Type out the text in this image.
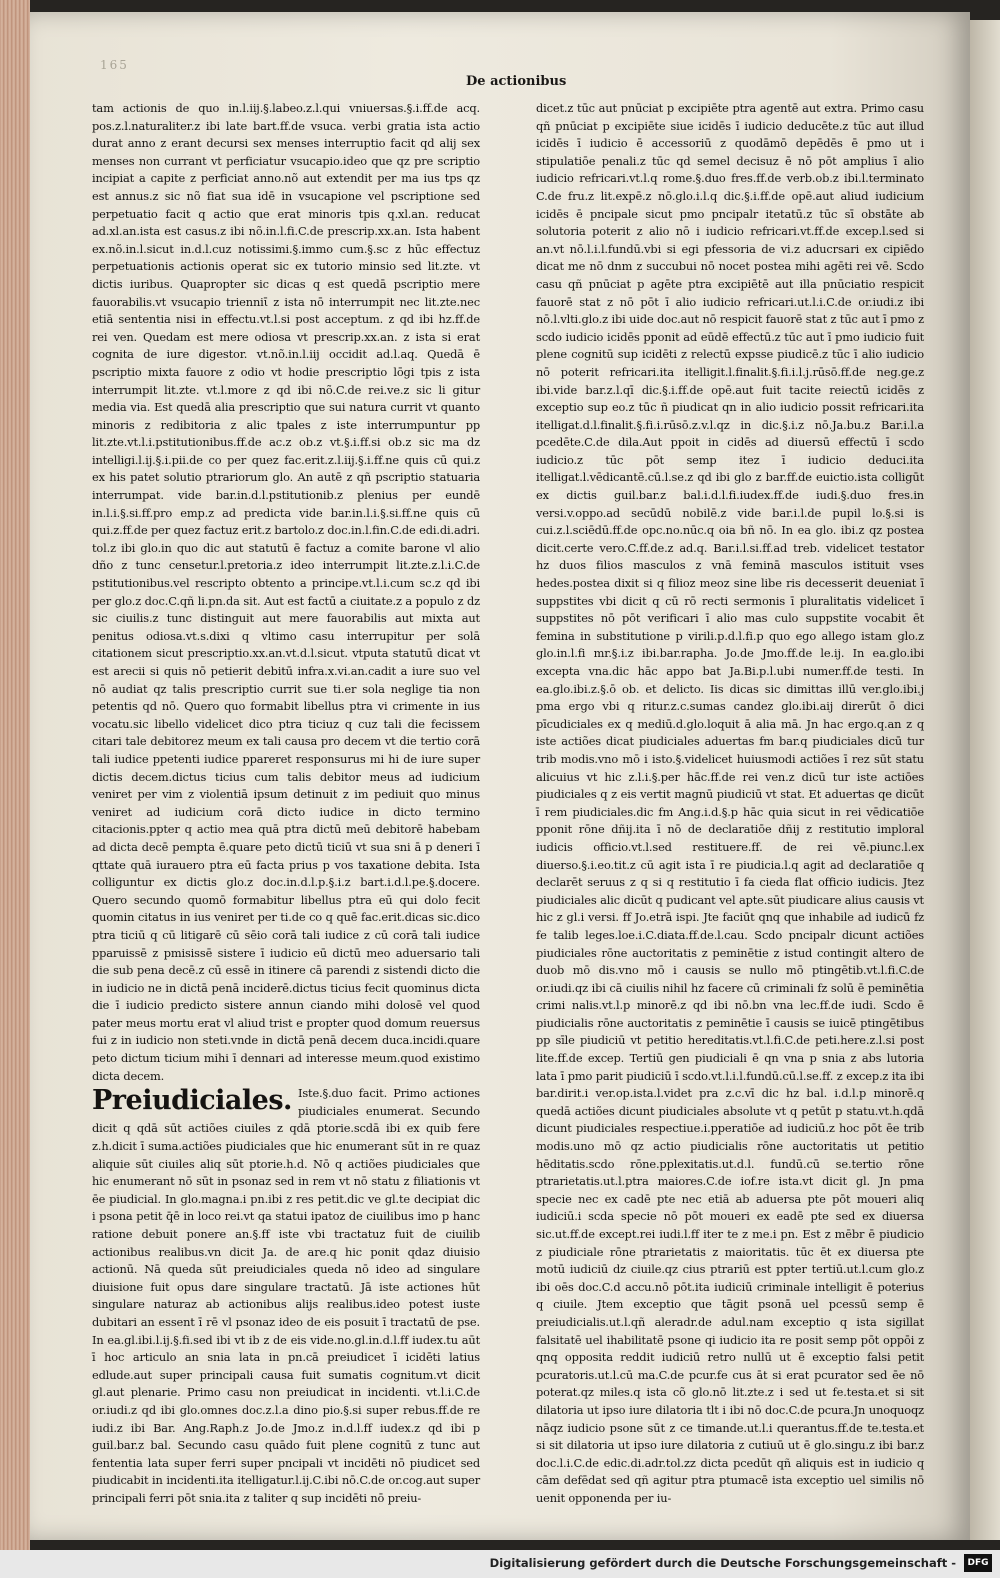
165
De actionibus

tam actionis de quo in.l.iij.§.labeo.z.l.qui vniuersas.§.i.ff.de acq. pos.z.l.naturaliter.z ibi late bart.ff.de vsuca. verbi gratia ista actio durat anno z erant decursi sex menses interruptio facit qd alij sex menses non currant vt perficiatur vsucapio.ideo que qz pre scriptio incipiat a capite z perficiat anno.nõ aut extendit per ma ius tps qz est annus.z sic nõ fiat sua idē in vsucapione vel pscriptione sed perpetuatio facit q actio que erat minoris tpis q.xl.an. reducat ad.xl.an.ista est casus.z ibi nõ.in.l.fi.C.de prescrip.xx.an. Ista habent ex.nõ.in.l.sicut in.d.l.cuz notissimi.§.immo cum.§.sc z hūc effectuz perpetuationis actionis operat sic ex tutorio minsio sed lit.zte. vt dictis iuribus. Quapropter sic dicas q est quedā pscriptio mere fauorabilis.vt vsucapio trienniῑ z ista nō interrumpit nec lit.zte.nec etiā sententia nisi in effectu.vt.l.si post acceptum. z qd ibi hz.ff.de rei ven. Quedam est mere odiosa vt prescrip.xx.an. z ista si erat cognita de iure digestor. vt.nõ.in.l.iij occidit ad.l.aq. Quedā ē pscriptio mixta fauore z odio vt hodie prescriptio lōgi tpis z ista interrumpit lit.zte. vt.l.more z qd ibi nõ.C.de rei.ve.z sic li gitur media via. Est quedā alia prescriptio que sui natura currit vt quanto minoris z redibitoria z alic tpales z iste interrumpuntur pp lit.zte.vt.l.i.pstitutionibus.ff.de ac.z ob.z vt.§.i.ff.si ob.z sic ma dz intelligi.l.ij.§.i.pii.de co per quez fac.erit.z.l.iij.§.i.ff.ne quis cū qui.z ex his patet solutio ptrariorum glo. An autē z qñ pscriptio statuaria interrumpat. vide bar.in.d.l.pstitutionib.z plenius per eundē in.l.i.§.si.ff.pro emp.z ad predicta vide bar.in.l.i.§.si.ff.ne quis cū qui.z.ff.de per quez factuz erit.z bartolo.z doc.in.l.fin.C.de edi.di.adri. tol.z ibi glo.in quo dic aut statutū ē factuz a comite barone vl alio dño z tunc censetur.l.pretoria.z ideo interrumpit lit.zte.z.l.i.C.de pstitutionibus.vel rescripto obtento a principe.vt.l.i.cum sc.z qd ibi per glo.z doc.C.qñ li.pn.da sit. Aut est factū a ciuitate.z a populo z dz sic ciuilis.z tunc distinguit aut mere fauorabilis aut mixta aut penitus odiosa.vt.s.dixi q vltimo casu interrupitur per solā citationem sicut prescriptio.xx.an.vt.d.l.sicut. vtputa statutū dicat vt est arecii si quis nō petierit debitū infra.x.vi.an.cadit a iure suo vel nō audiat qz talis prescriptio currit sue ti.er sola neglige tia non petentis qd nō. Quero quo formabit libellus ptra vi crimente in ius vocatu.sic libello videlicet dico ptra ticiuz q cuz tali die fecissem citari tale debitorez meum ex tali causa pro decem vt die tertio corā tali iudice ppetenti iudice ppareret responsurus mi hi de iure super dictis decem.dictus ticius cum talis debitor meus ad iudicium veniret per vim z violentiā ipsum detinuit z im pediuit quo minus veniret ad iudicium corā dicto iudice in dicto termino citacionis.ppter q actio mea quā ptra dictū meū debitorē habebam ad dicta decē pempta ē.quare peto dictū ticiū vt sua sni ā p deneri ī qttate quā iurauero ptra eū facta prius p vos taxatione debita. Ista colliguntur ex dictis glo.z doc.in.d.l.p.§.i.z bart.i.d.l.pe.§.docere. Quero secundo quomō formabitur libellus ptra eū qui dolo fecit quomin citatus in ius veniret per ti.de co q quē fac.erit.dicas sic.dico ptra ticiū q cū litigarē cū sēio corā tali iudice z cū corā tali iudice pparuissē z pmisissē sistere ī iudicio eū dictū meo aduersario tali die sub pena decē.z cū essē in itinere cā parendi z sistendi dicto die in iudicio ne in dictā penā inciderē.dictus ticius fecit quominus dicta die ī iudicio predicto sistere annun ciando mihi dolosē vel quod pater meus mortu erat vl aliud trist e propter quod domum reuersus fui z in iudicio non steti.vnde in dictā penā decem duca.incidi.quare peto dictum ticium mihi ī dennari ad interesse meum.quod existimo dicta decem.

Preiudiciales. Iste.§.duo facit. Primo actiones piudiciales enumerat. Secundo dicit q qdā sūt actiões ciuiles z qdā ptorie.scdā ibi ex quib fere z.h.dicit ī suma.actiões piudiciales que hic enumerant sūt in re quaz aliquie sūt ciuiles aliq sūt ptorie.h.d. Nō q actiões piudiciales que hic enumerant nō sūt in psonaz sed in rem vt nō statu z filiationis vt ēe piudicial. In glo.magna.i pn.ibi z res petit.dic ve gl.te decipiat dic i psona petit q̄ē in loco rei.vt qa statui ipatoz de ciuilibus imo p hanc ratione debuit ponere an.§.ff iste vbi tractatuz fuit de ciuilib actionibus realibus.vn dicit Ja. de are.q hic ponit qdaz diuisio actionū. Nā queda sūt preiudiciales queda nō ideo ad singulare diuisione fuit opus dare singulare tractatū. Jā iste actiones hūt singulare naturaz ab actionibus alijs realibus.ideo potest iuste dubitari an essent ī rē vl psonaz ideo de eis posuit ī tractatū de pse. In ea.gl.ibi.l.ij.§.fi.sed ibi vt ib z de eis vide.no.gl.in.d.l.ff iudex.tu aūt ī hoc articulo an snia lata in pn.cā preiudicet ī icidēti latius edlude.aut super principali causa fuit sumatis cognitum.vt dicit gl.aut plenarie. Primo casu non preiudicat in incidenti. vt.l.i.C.de or.iudi.z qd ibi glo.omnes doc.z.l.a dino pio.§.si super rebus.ff.de re iudi.z ibi Bar. Ang.Raph.z Jo.de Jmo.z in.d.l.ff iudex.z qd ibi p guil.bar.z bal. Secundo casu quādo fuit plene cognitū z tunc aut fententia lata super ferri super pncipali vt incidēti nō piudicet sed piudicabit in incidenti.ita itelligatur.l.ij.C.ibi nō.C.de or.cog.aut super principali ferri pōt snia.ita z taliter q sup incidēti nō preiu-

dicet.z tūc aut pnūciat p excipiēte ptra agentē aut extra. Primo casu qñ pnūciat p excipiēte siue icidēs ī iudicio deducēte.z tūc aut illud icidēs ī iudicio ē accessoriū z quodāmō depēdēs ē pmo ut i stipulatiōe penali.z tūc qd semel decisuz ē nō pōt amplius ī alio iudicio refricari.vt.l.q rome.§.duo fres.ff.de verb.ob.z ibi.l.terminato C.de fru.z lit.expē.z nō.glo.i.l.q dic.§.i.ff.de opē.aut aliud iudicium icidēs ē pncipale sicut pmo pncipalr itetatū.z tūc sī obstāte ab solutoria poterit z alio nō i iudicio refricari.vt.ff.de excep.l.sed si an.vt nō.l.i.l.fundū.vbi si egi pfessoria de vi.z aducrsari ex cipiēdo dicat me nō dnm z succubui nō nocet postea mihi agēti rei vē. Scdo casu qñ pnūciat p agēte ptra excipiētē aut illa pnūciatio respicit fauorē stat z nō pōt ī alio iudicio refricari.ut.l.i.C.de or.iudi.z ibi nō.l.vlti.glo.z ibi uide doc.aut nō respicit fauorē stat z tūc aut ī pmo z scdo iudicio icidēs pponit ad eūdē effectū.z tūc aut ī pmo iudicio fuit plene cognitū sup icidēti z relectū expsse piudicē.z tūc ī alio iudicio nō poterit refricari.ita itelligit.l.finalit.§.fi.i.l.j.rūsō.ff.de neg.ge.z ibi.vide bar.z.l.qī dic.§.i.ff.de opē.aut fuit tacite reiectū icidēs z exceptio sup eo.z tūc ñ piudicat qn in alio iudicio possit refricari.ita itelligat.d.l.finalit.§.fi.i.rūsō.z.v.l.qz in dic.§.i.z nō.Ja.bu.z Bar.i.l.a pcedēte.C.de dila.Aut ppoit in cidēs ad diuersū effectū ī scdo iudicio.z tūc pōt semp itez ī iudicio deduci.ita itelligat.l.vēdicantē.cū.l.se.z qd ibi glo z bar.ff.de euictio.ista colligūt ex dictis guil.bar.z bal.i.d.l.fi.iudex.ff.de iudi.§.duo fres.in versi.v.oppo.ad secūdū nobilē.z vide bar.i.l.de pupil lo.§.si is cui.z.l.sciēdū.ff.de opc.no.nūc.q oia bñ nō. In ea glo. ibi.z qz postea dicit.certe vero.C.ff.de.z ad.q. Bar.i.l.si.ff.ad treb. videlicet testator hz duos filios masculos z vnā feminā masculos istituit vses hedes.postea dixit si q filioz meoz sine libe ris decesserit deueniat ī suppstites vbi dicit q cū rō recti sermonis ī pluralitatis videlicet ī suppstites nō pōt verificari ī alio mas culo suppstite vocabit ēt femina in substitutione p virili.p.d.l.fi.p quo ego allego istam glo.z glo.in.l.fi mr.§.i.z ibi.bar.rapha. Jo.de Jmo.ff.de le.ij. In ea.glo.ibi excepta vna.dic hāc appo bat Ja.Bi.p.l.ubi numer.ff.de testi. In ea.glo.ibi.z.§.ō ob. et delicto. Iis dicas sic dimittas illū ver.glo.ibi.j pma ergo vbi q ritur.z.c.sumas candez glo.ibi.aij direrūt ō dici pīcudiciales ex q mediū.d.glo.loquit ā alia mā. Jn hac ergo.q.an z q iste actiões dicat piudiciales aduertas fm bar.q piudiciales dicū tur trib modis.vno mō i isto.§.videlicet huiusmodi actiões ī rez sūt statu alicuius vt hic z.l.i.§.per hāc.ff.de rei ven.z dicū tur iste actiōes piudiciales q z eis vertit magnū piudiciū vt stat. Et aduertas qe dicūt ī rem piudiciales.dic fm Ang.i.d.§.p hāc quia sicut in rei vēdicatiōe pponit rōne dñij.ita ī nō de declaratiōe dñij z restitutio imploral iudicis officio.vt.l.sed restituere.ff. de rei vē.piunc.l.ex diuerso.§.i.eo.tit.z cū agit ista ī re piudicia.l.q agit ad declaratiōe q declarēt seruus z q si q restitutio ī fa cieda flat officio iudicis. Jtez piudiciales alic dicūt q pudicant vel apte.sūt piudicare alius causis vt hic z gl.i versi. ff Jo.etrā ispi. Jte faciūt qnq que inhabile ad iudicū fz fe talib leges.loe.i.C.diata.ff.de.l.cau. Scdo pncipalr dicunt actiões piudiciales rōne auctoritatis z peminētie z istud contingit altero de duob mō dis.vno mō i causis se nullo mō ptingētib.vt.l.fi.C.de or.iudi.qz ibi cā ciuilis nihil hz facere cū criminali fz solū ē peminētia crimi nalis.vt.l.p minorē.z qd ibi nō.bn vna lec.ff.de iudi. Scdo ē piudicialis rōne auctoritatis z peminētie ī causis se iuicē ptingētibus pp sīle piudiciū vt petitio hereditatis.vt.l.fi.C.de peti.here.z.l.si post lite.ff.de excep. Tertiū gen piudiciali ē qn vna p snia z abs lutoria lata ī pmo parit piudiciū ī scdo.vt.l.i.l.fundū.cū.l.se.ff. z excep.z ita ibi bar.dirit.i ver.op.ista.l.videt pra z.c.vī dic hz bal. i.d.l.p minorē.q quedā actiões dicunt piudiciales absolute vt q petūt p statu.vt.h.qdā dicunt piudiciales respectiue.i.pperatiōe ad iudiciū.z hoc pōt ēe trib modis.uno mō qz actio piudicialis rōne auctoritatis ut petitio hēditatis.scdo rōne.pplexitatis.ut.d.l. fundū.cū se.tertio rōne ptrarietatis.ut.l.ptra maiores.C.de iof.re ista.vt dicit gl. Jn pma specie nec ex cadē pte nec etiā ab aduersa pte pōt moueri aliq iudiciū.i scda specie nō pōt moueri ex eadē pte sed ex diuersa sic.ut.ff.de except.rei iudi.l.ff iter te z me.i pn. Est z mēbr ē piudicio z piudiciale rōne ptrarietatis z maioritatis. tūc ēt ex diuersa pte motū iudiciū dz ciuile.qz cius ptrariū est ppter tertiū.ut.l.cum glo.z ibi oēs doc.C.d accu.nō pōt.ita iudiciū criminale intelligit ē poterius q ciuile. Jtem exceptio que tāgit psonā uel pcessū semp ē preiudicialis.ut.l.qñ aleradr.de adul.nam exceptio q ista sigillat falsitatē uel ihabilitatē psone qi iudicio ita re posit semp pōt oppōi z qnq opposita reddit iudiciū retro nullū ut ē exceptio falsi petit pcuratoris.ut.l.cū ma.C.de pcur.fe cus āt si erat pcurator sed ēe nō poterat.qz miles.q ista cõ glo.nō lit.zte.z i sed ut fe.testa.et si sit dilatoria ut ipso iure dilatoria tlt i ibi nō doc.C.de pcura.Jn unoquoqz nāqz iudicio psone sūt z ce timande.ut.l.i querantus.ff.de te.testa.et si sit dilatoria ut ipso iure dilatoria z cutiuū ut ē glo.singu.z ibi bar.z doc.l.i.C.de edic.di.adr.tol.zz dicta pcedūt qñ aliquis est in iudicio q cām defēdat sed qñ agitur ptra ptumacē ista exceptio uel similis nō uenit opponenda per iu-

Digitalisierung gefördert durch die Deutsche Forschungsgemeinschaft -	DFG
